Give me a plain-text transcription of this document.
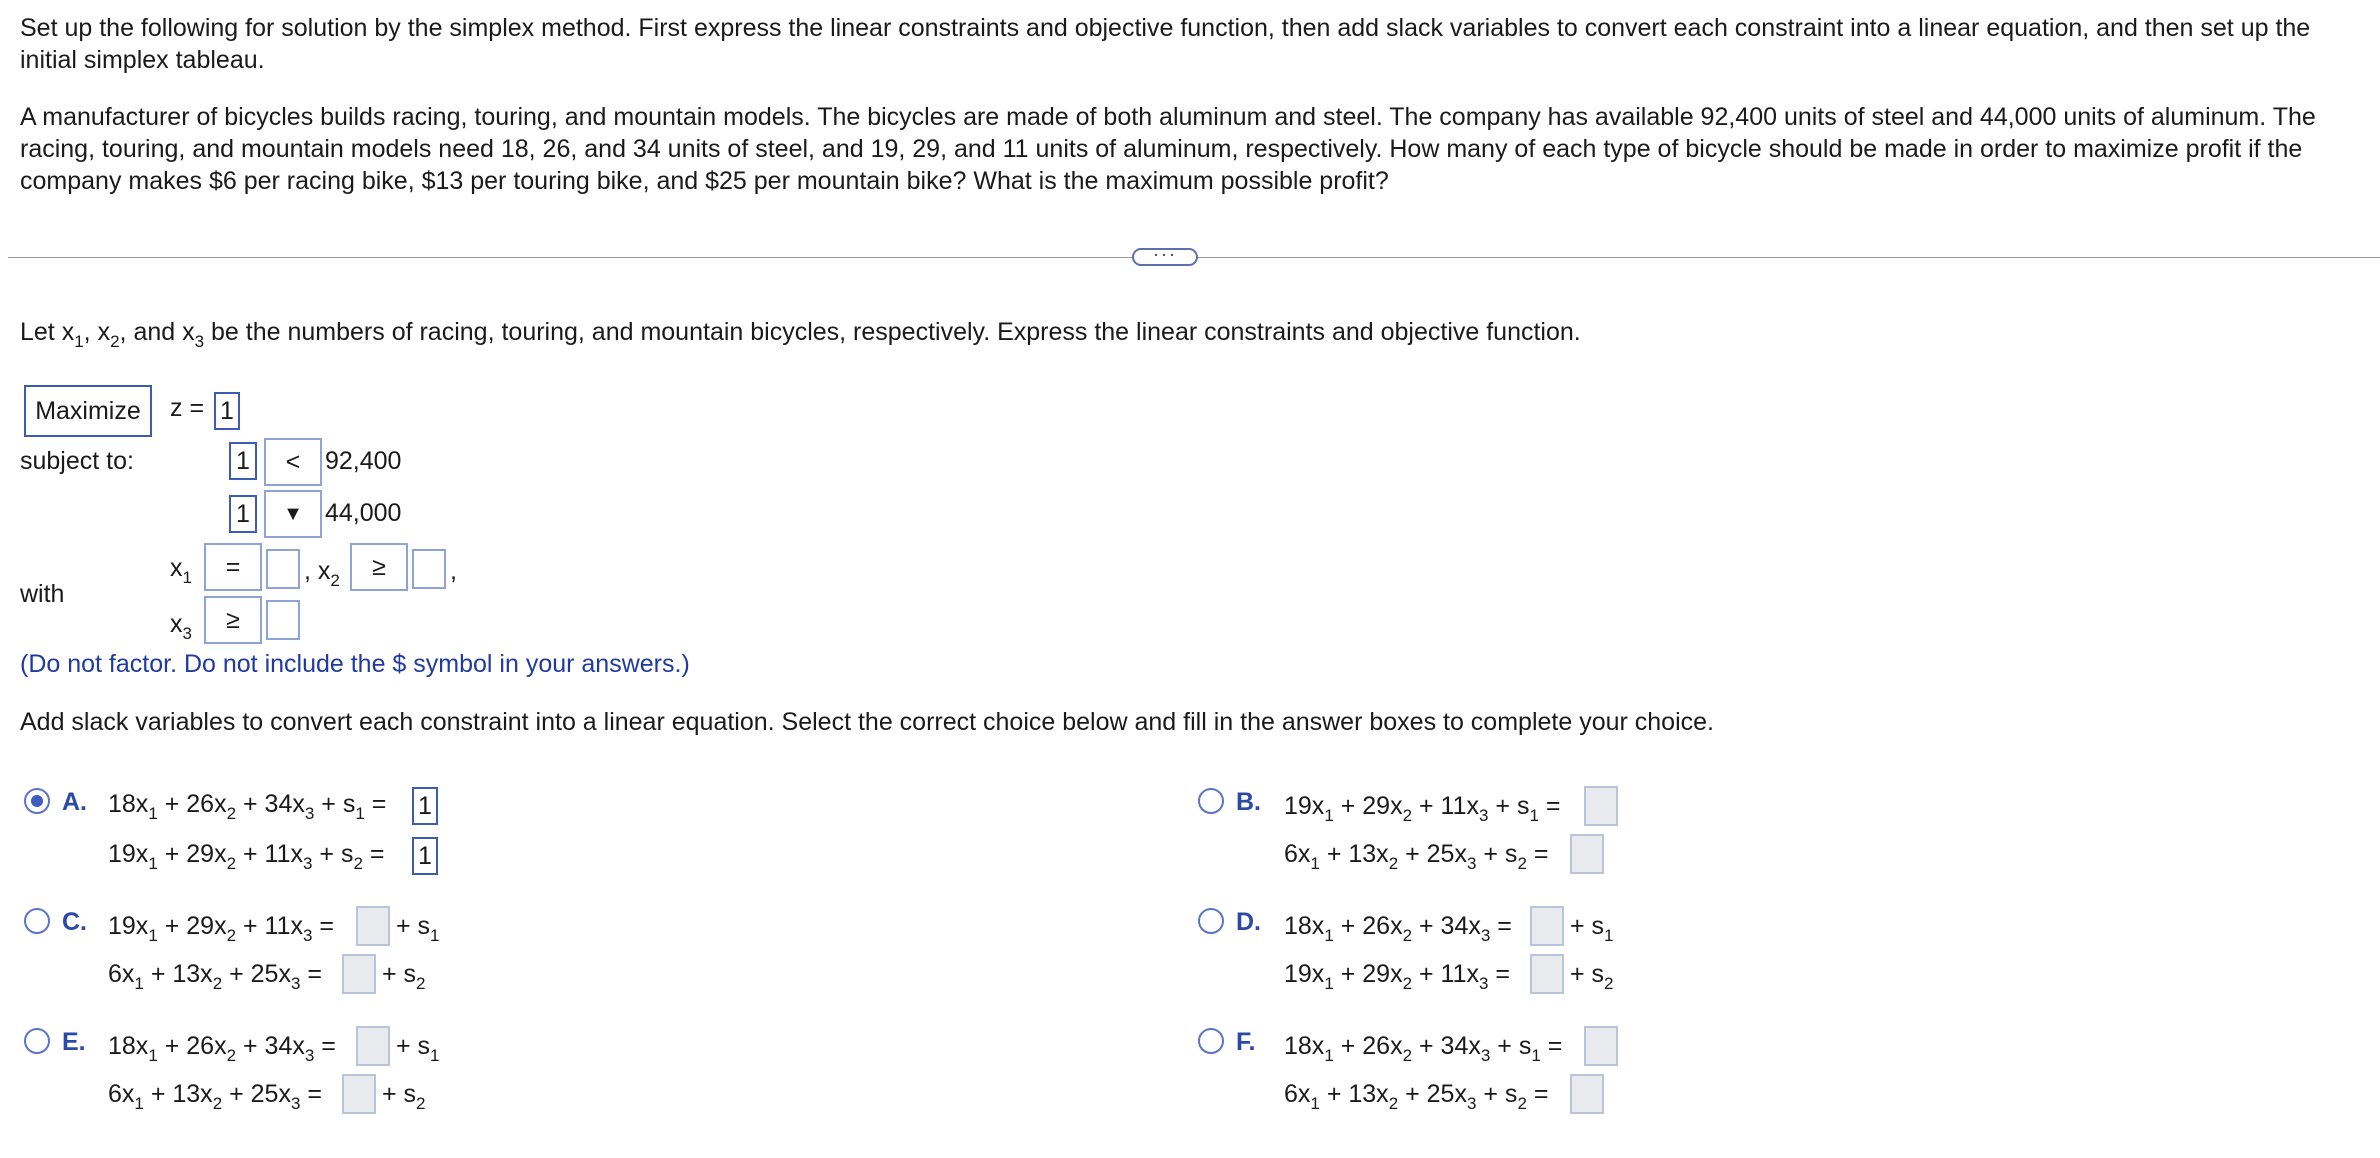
Set up the following for solution by the simplex method. First express the linear constraints and objective function, then add slack variables to convert each constraint into a linear equation, and then set up the initial simplex tableau.

A manufacturer of bicycles builds racing, touring, and mountain models. The bicycles are made of both aluminum and steel. The company has available 92,400 units of steel and 44,000 units of aluminum. The racing, touring, and mountain models need 18, 26, and 34 units of steel, and 19, 29, and 11 units of aluminum, respectively. How many of each type of bicycle should be made in order to maximize profit if the company makes $6 per racing bike, $13 per touring bike, and $25 per mountain bike? What is the maximum possible profit?

···
Let $x_1$, $x_2$, and $x_3$ be the numbers of racing, touring, and mountain bicycles, respectively. Express the linear constraints and objective function.
Maximize	z = 1
subject to:	1	< 92,400
1	▼ 44,000
with
$x_1$	=	, $x_2$	≥	,
$x_3$	≥
(Do not factor. Do not include the $ symbol in your answers.)
Add slack variables to convert each constraint into a linear equation. Select the correct choice below and fill in the answer boxes to complete your choice.
A. $18x_1 + 26x_2 + 34x_3 + s_1 = 1$
$19x_1 + 29x_2 + 11x_3 + s_2 = 1$
B. $19x_1 + 29x_2 + 11x_3 + s_1$ =
$6x_1 + 13x_2 + 25x_3 + s_2$ =
C. $19x_1 + 29x_2 + 11x_3$ = + $s_1$
$6x_1 + 13x_2 + 25x_3$ = + $s_2$
D. $18x_1 + 26x_2 + 34x_3$ = + $s_1$
$19x_1 + 29x_2 + 11x_3$ = + $s_2$
E. $18x_1 + 26x_2 + 34x_3$ = + $s_1$
$6x_1 + 13x_2 + 25x_3$ = + $s_2$
F. $18x_1 + 26x_2 + 34x_3 + s_1$ =
$6x_1 + 13x_2 + 25x_3 + s_2$ =
